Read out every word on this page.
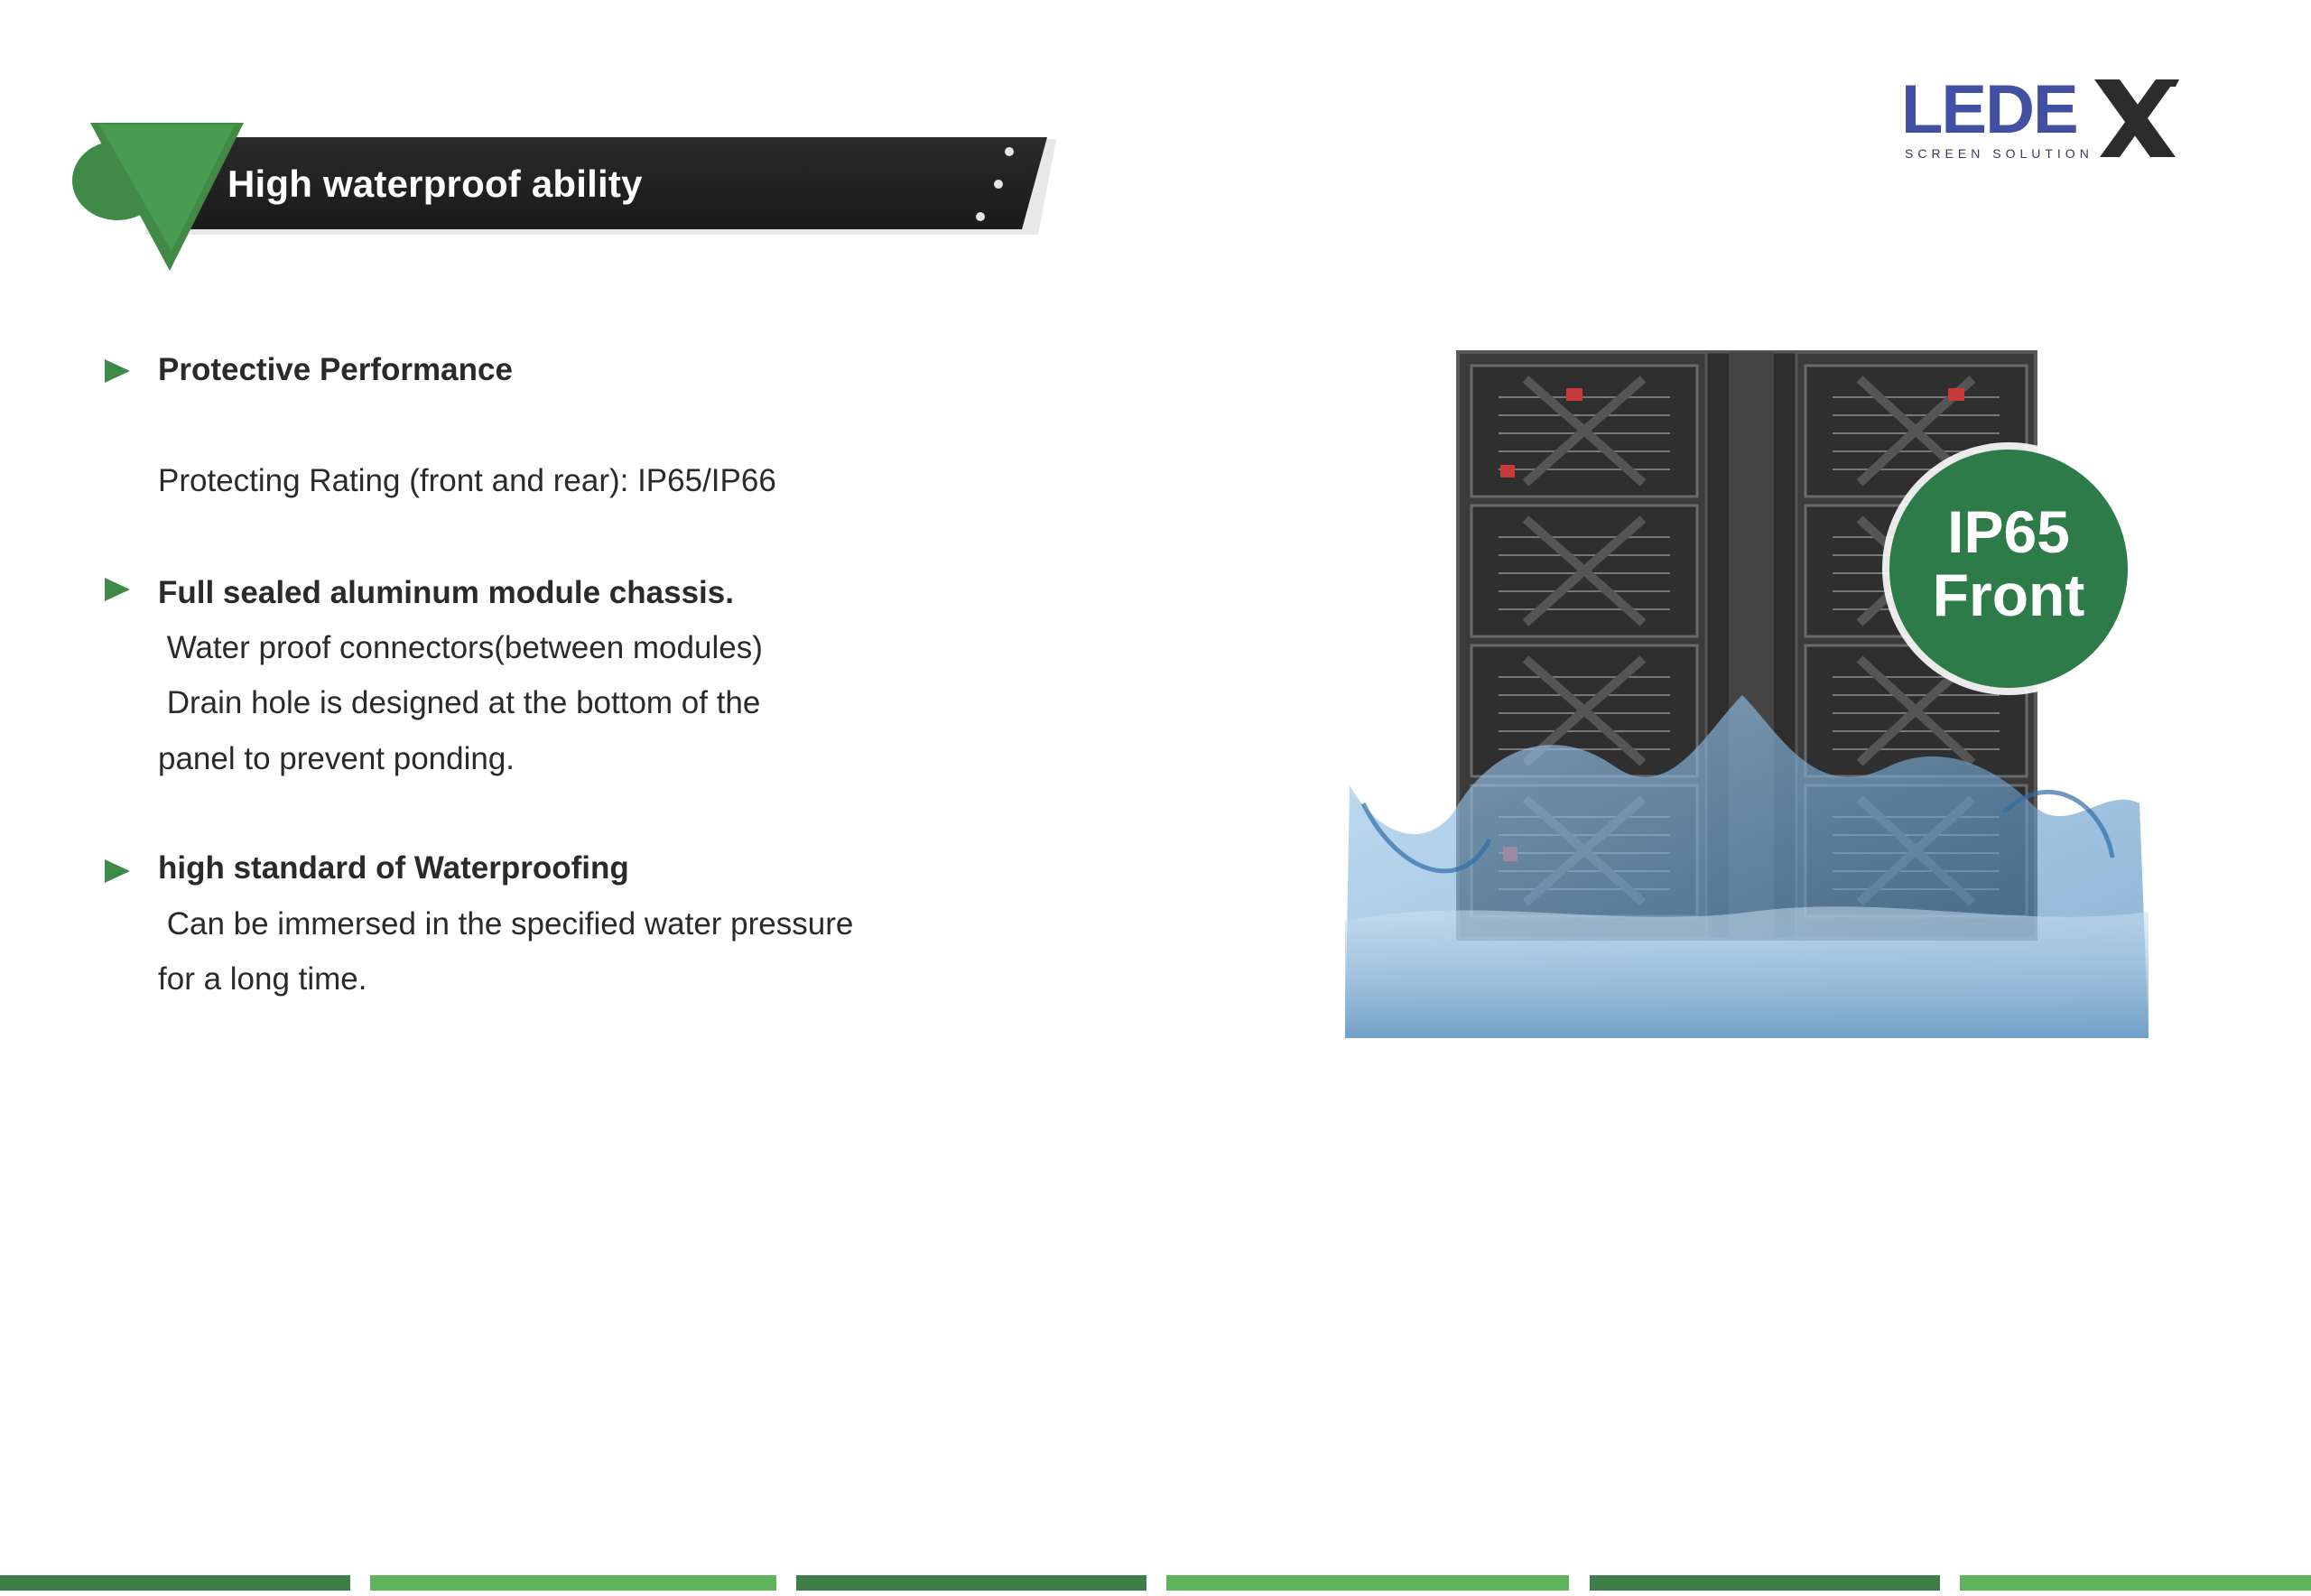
High waterproof ability
LEDE
SCREEN SOLUTION
Protective Performance
Protecting Rating (front and rear): IP65/IP66
Full sealed aluminum module chassis.
Water proof connectors(between modules)
Drain hole is designed at the bottom of the
panel to prevent ponding.
high standard of Waterproofing
Can be immersed in the specified water pressure
for a long time.
IP65
Front
